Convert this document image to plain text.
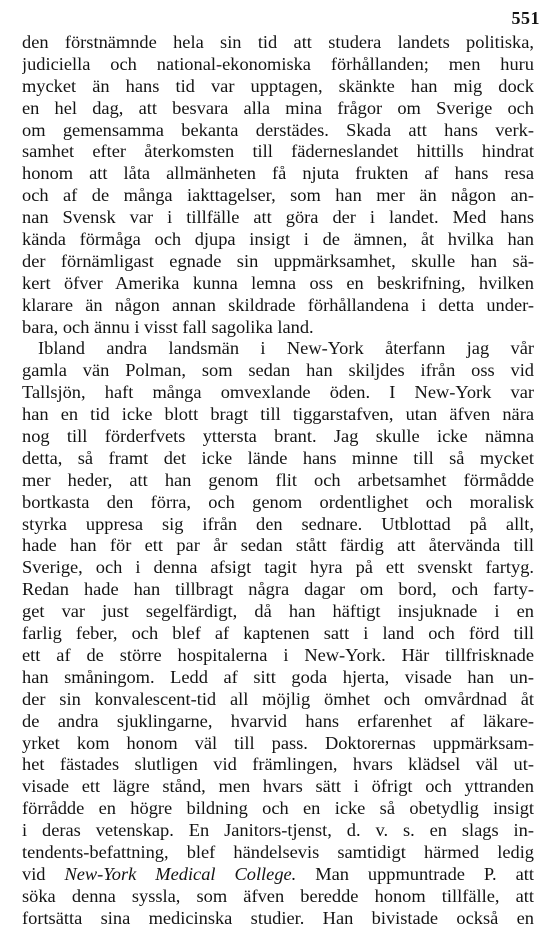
551
den förstnämnde hela sin tid att studera landets politiska,
judiciella och national-ekonomiska förhållanden; men huru
mycket än hans tid var upptagen, skänkte han mig dock
en hel dag, att besvara alla mina frågor om Sverige och
om gemensamma bekanta derstädes. Skada att hans verk-
samhet efter återkomsten till fäderneslandet hittills hindrat
honom att låta allmänheten få njuta frukten af hans resa
och af de många iakttagelser, som han mer än någon an-
nan Svensk var i tillfälle att göra der i landet. Med hans
kända förmåga och djupa insigt i de ämnen, åt hvilka han
der förnämligast egnade sin uppmärksamhet, skulle han sä-
kert öfver Amerika kunna lemna oss en beskrifning, hvilken
klarare än någon annan skildrade förhållandena i detta under-
bara, och ännu i visst fall sagolika land.
Ibland andra landsmän i New-York återfann jag vår
gamla vän Polman, som sedan han skiljdes ifrån oss vid
Tallsjön, haft många omvexlande öden. I New-York var
han en tid icke blott bragt till tiggarstafven, utan äfven nära
nog till förderfvets yttersta brant. Jag skulle icke nämna
detta, så framt det icke lände hans minne till så mycket
mer heder, att han genom flit och arbetsamhet förmådde
bortkasta den förra, och genom ordentlighet och moralisk
styrka uppresa sig ifrån den sednare. Utblottad på allt,
hade han för ett par år sedan stått färdig att återvända till
Sverige, och i denna afsigt tagit hyra på ett svenskt fartyg.
Redan hade han tillbragt några dagar om bord, och farty-
get var just segelfärdigt, då han häftigt insjuknade i en
farlig feber, och blef af kaptenen satt i land och förd till
ett af de större hospitalerna i New-York. Här tillfrisknade
han småningom. Ledd af sitt goda hjerta, visade han un-
der sin konvalescent-tid all möjlig ömhet och omvårdnad åt
de andra sjuklingarne, hvarvid hans erfarenhet af läkare-
yrket kom honom väl till pass. Doktorernas uppmärksam-
het fästades slutligen vid främlingen, hvars klädsel väl ut-
visade ett lägre stånd, men hvars sätt i öfrigt och yttranden
förrådde en högre bildning och en icke så obetydlig insigt
i deras vetenskap. En Janitors-tjenst, d. v. s. en slags in-
tendents-befattning, blef händelsevis samtidigt härmed ledig
vid New-York Medical College. Man uppmuntrade P. att
söka denna syssla, som äfven beredde honom tillfälle, att
fortsätta sina medicinska studier. Han bivistade också en
